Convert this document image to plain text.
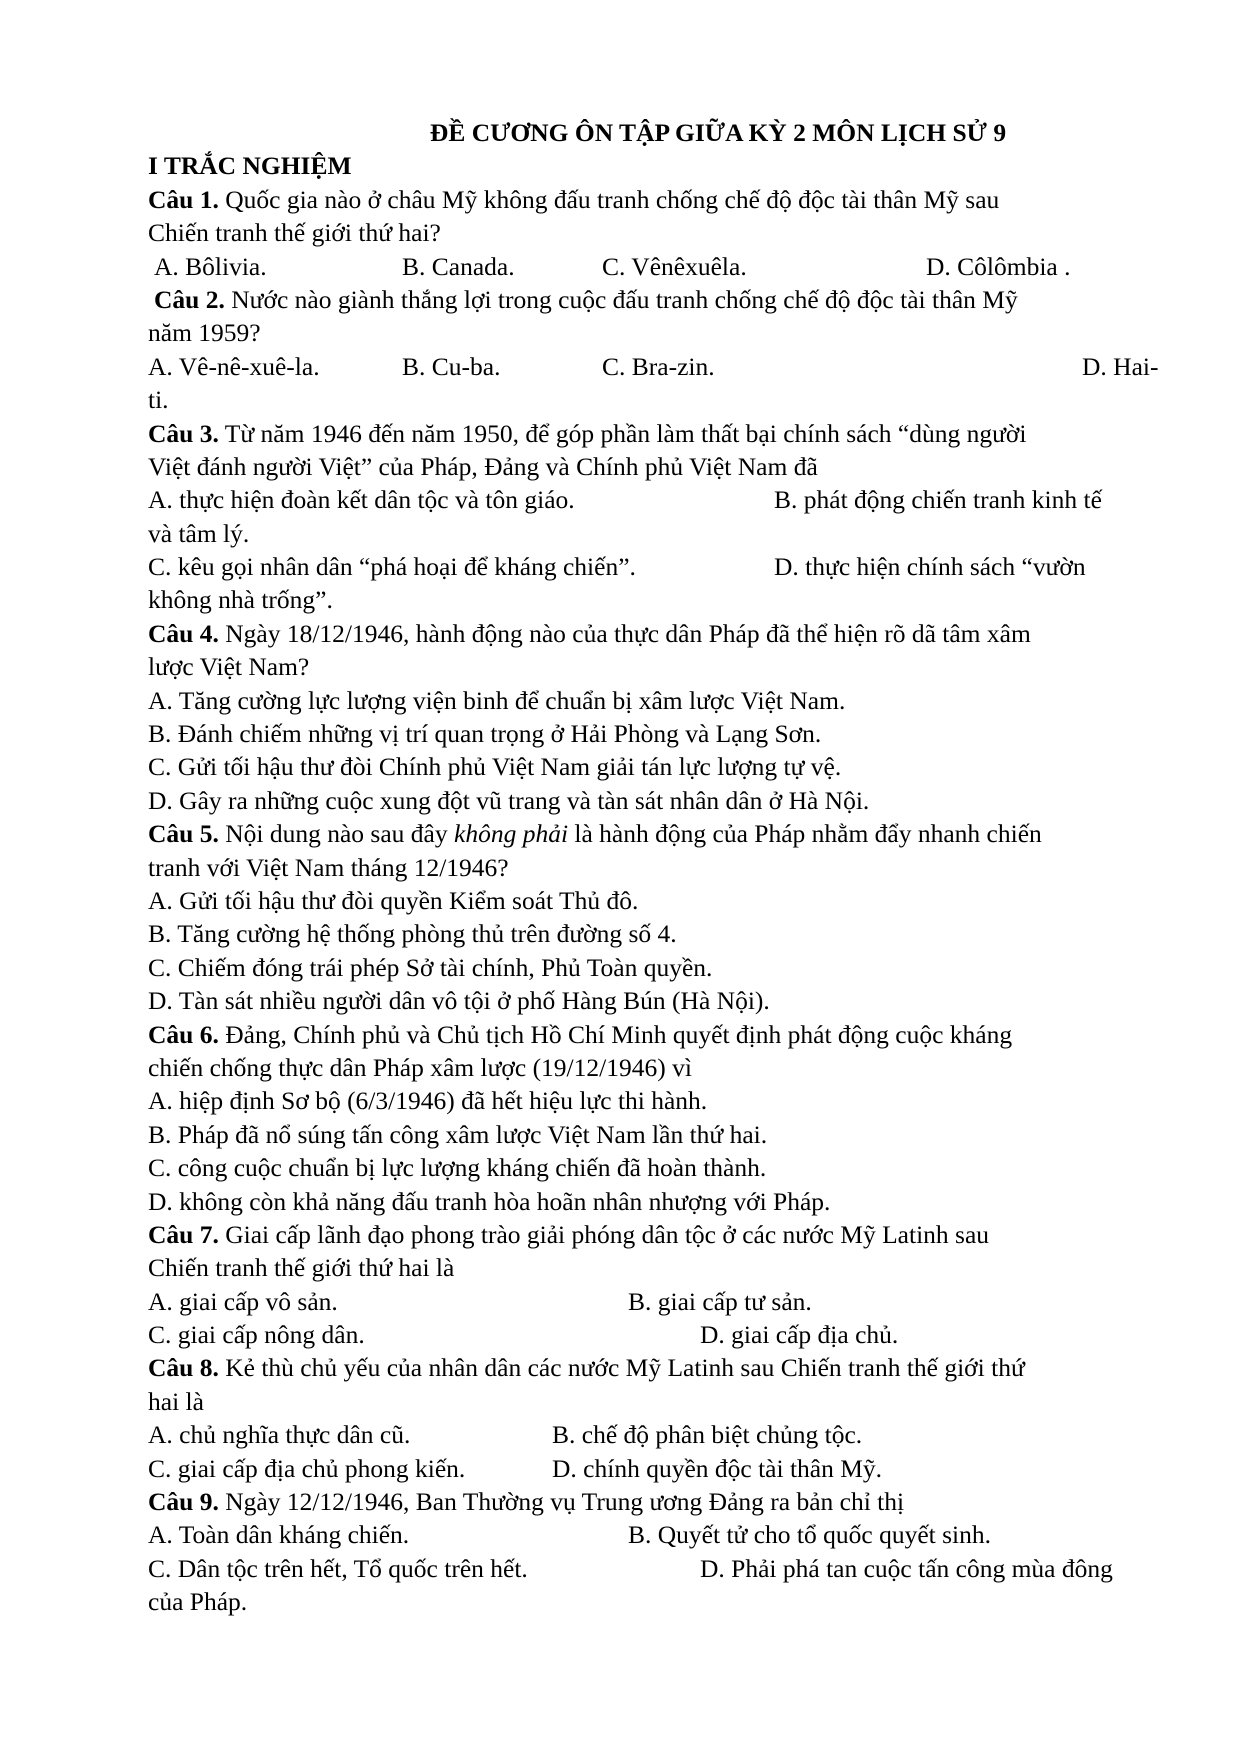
ĐỀ CƯƠNG ÔN TẬP GIỮA KỲ 2 MÔN LỊCH SỬ 9
I TRẮC NGHIỆM
Câu 1. Quốc gia nào ở châu Mỹ không đấu tranh chống chế độ độc tài thân Mỹ sau
Chiến tranh thế giới thứ hai?
A. Bôlivia.	B. Canada.	C. Vênêxuêla.	D. Côlômbia .
Câu 2. Nước nào giành thắng lợi trong cuộc đấu tranh chống chế độ độc tài thân Mỹ
năm 1959?
A. Vê-nê-xuê-la.	B. Cu-ba.	C. Bra-zin.	D. Hai-
ti.
Câu 3. Từ năm 1946 đến năm 1950, để góp phần làm thất bại chính sách “dùng người
Việt đánh người Việt” của Pháp, Đảng và Chính phủ Việt Nam đã
A. thực hiện đoàn kết dân tộc và tôn giáo.	B. phát động chiến tranh kinh tế
và tâm lý.
C. kêu gọi nhân dân “phá hoại để kháng chiến”.	D. thực hiện chính sách “vườn
không nhà trống”.
Câu 4. Ngày 18/12/1946, hành động nào của thực dân Pháp đã thể hiện rõ dã tâm xâm
lược Việt Nam?
A. Tăng cường lực lượng viện binh để chuẩn bị xâm lược Việt Nam.
B. Đánh chiếm những vị trí quan trọng ở Hải Phòng và Lạng Sơn.
C. Gửi tối hậu thư đòi Chính phủ Việt Nam giải tán lực lượng tự vệ.
D. Gây ra những cuộc xung đột vũ trang và tàn sát nhân dân ở Hà Nội.
Câu 5. Nội dung nào sau đây không phải là hành động của Pháp nhằm đẩy nhanh chiến
tranh với Việt Nam tháng 12/1946?
A. Gửi tối hậu thư đòi quyền Kiểm soát Thủ đô.
B. Tăng cường hệ thống phòng thủ trên đường số 4.
C. Chiếm đóng trái phép Sở tài chính, Phủ Toàn quyền.
D. Tàn sát nhiều người dân vô tội ở phố Hàng Bún (Hà Nội).
Câu 6. Đảng, Chính phủ và Chủ tịch Hồ Chí Minh quyết định phát động cuộc kháng
chiến chống thực dân Pháp xâm lược (19/12/1946) vì
A. hiệp định Sơ bộ (6/3/1946) đã hết hiệu lực thi hành.
B. Pháp đã nổ súng tấn công xâm lược Việt Nam lần thứ hai.
C. công cuộc chuẩn bị lực lượng kháng chiến đã hoàn thành.
D. không còn khả năng đấu tranh hòa hoãn nhân nhượng với Pháp.
Câu 7. Giai cấp lãnh đạo phong trào giải phóng dân tộc ở các nước Mỹ Latinh sau
Chiến tranh thế giới thứ hai là
A. giai cấp vô sản.	B. giai cấp tư sản.
C. giai cấp nông dân.	D. giai cấp địa chủ.
Câu 8. Kẻ thù chủ yếu của nhân dân các nước Mỹ Latinh sau Chiến tranh thế giới thứ
hai là
A. chủ nghĩa thực dân cũ.	B. chế độ phân biệt chủng tộc.
C. giai cấp địa chủ phong kiến.	D. chính quyền độc tài thân Mỹ.
Câu 9. Ngày 12/12/1946, Ban Thường vụ Trung ương Đảng ra bản chỉ thị
A. Toàn dân kháng chiến.	B. Quyết tử cho tổ quốc quyết sinh.
C. Dân tộc trên hết, Tổ quốc trên hết.	D. Phải phá tan cuộc tấn công mùa đông
của Pháp.
